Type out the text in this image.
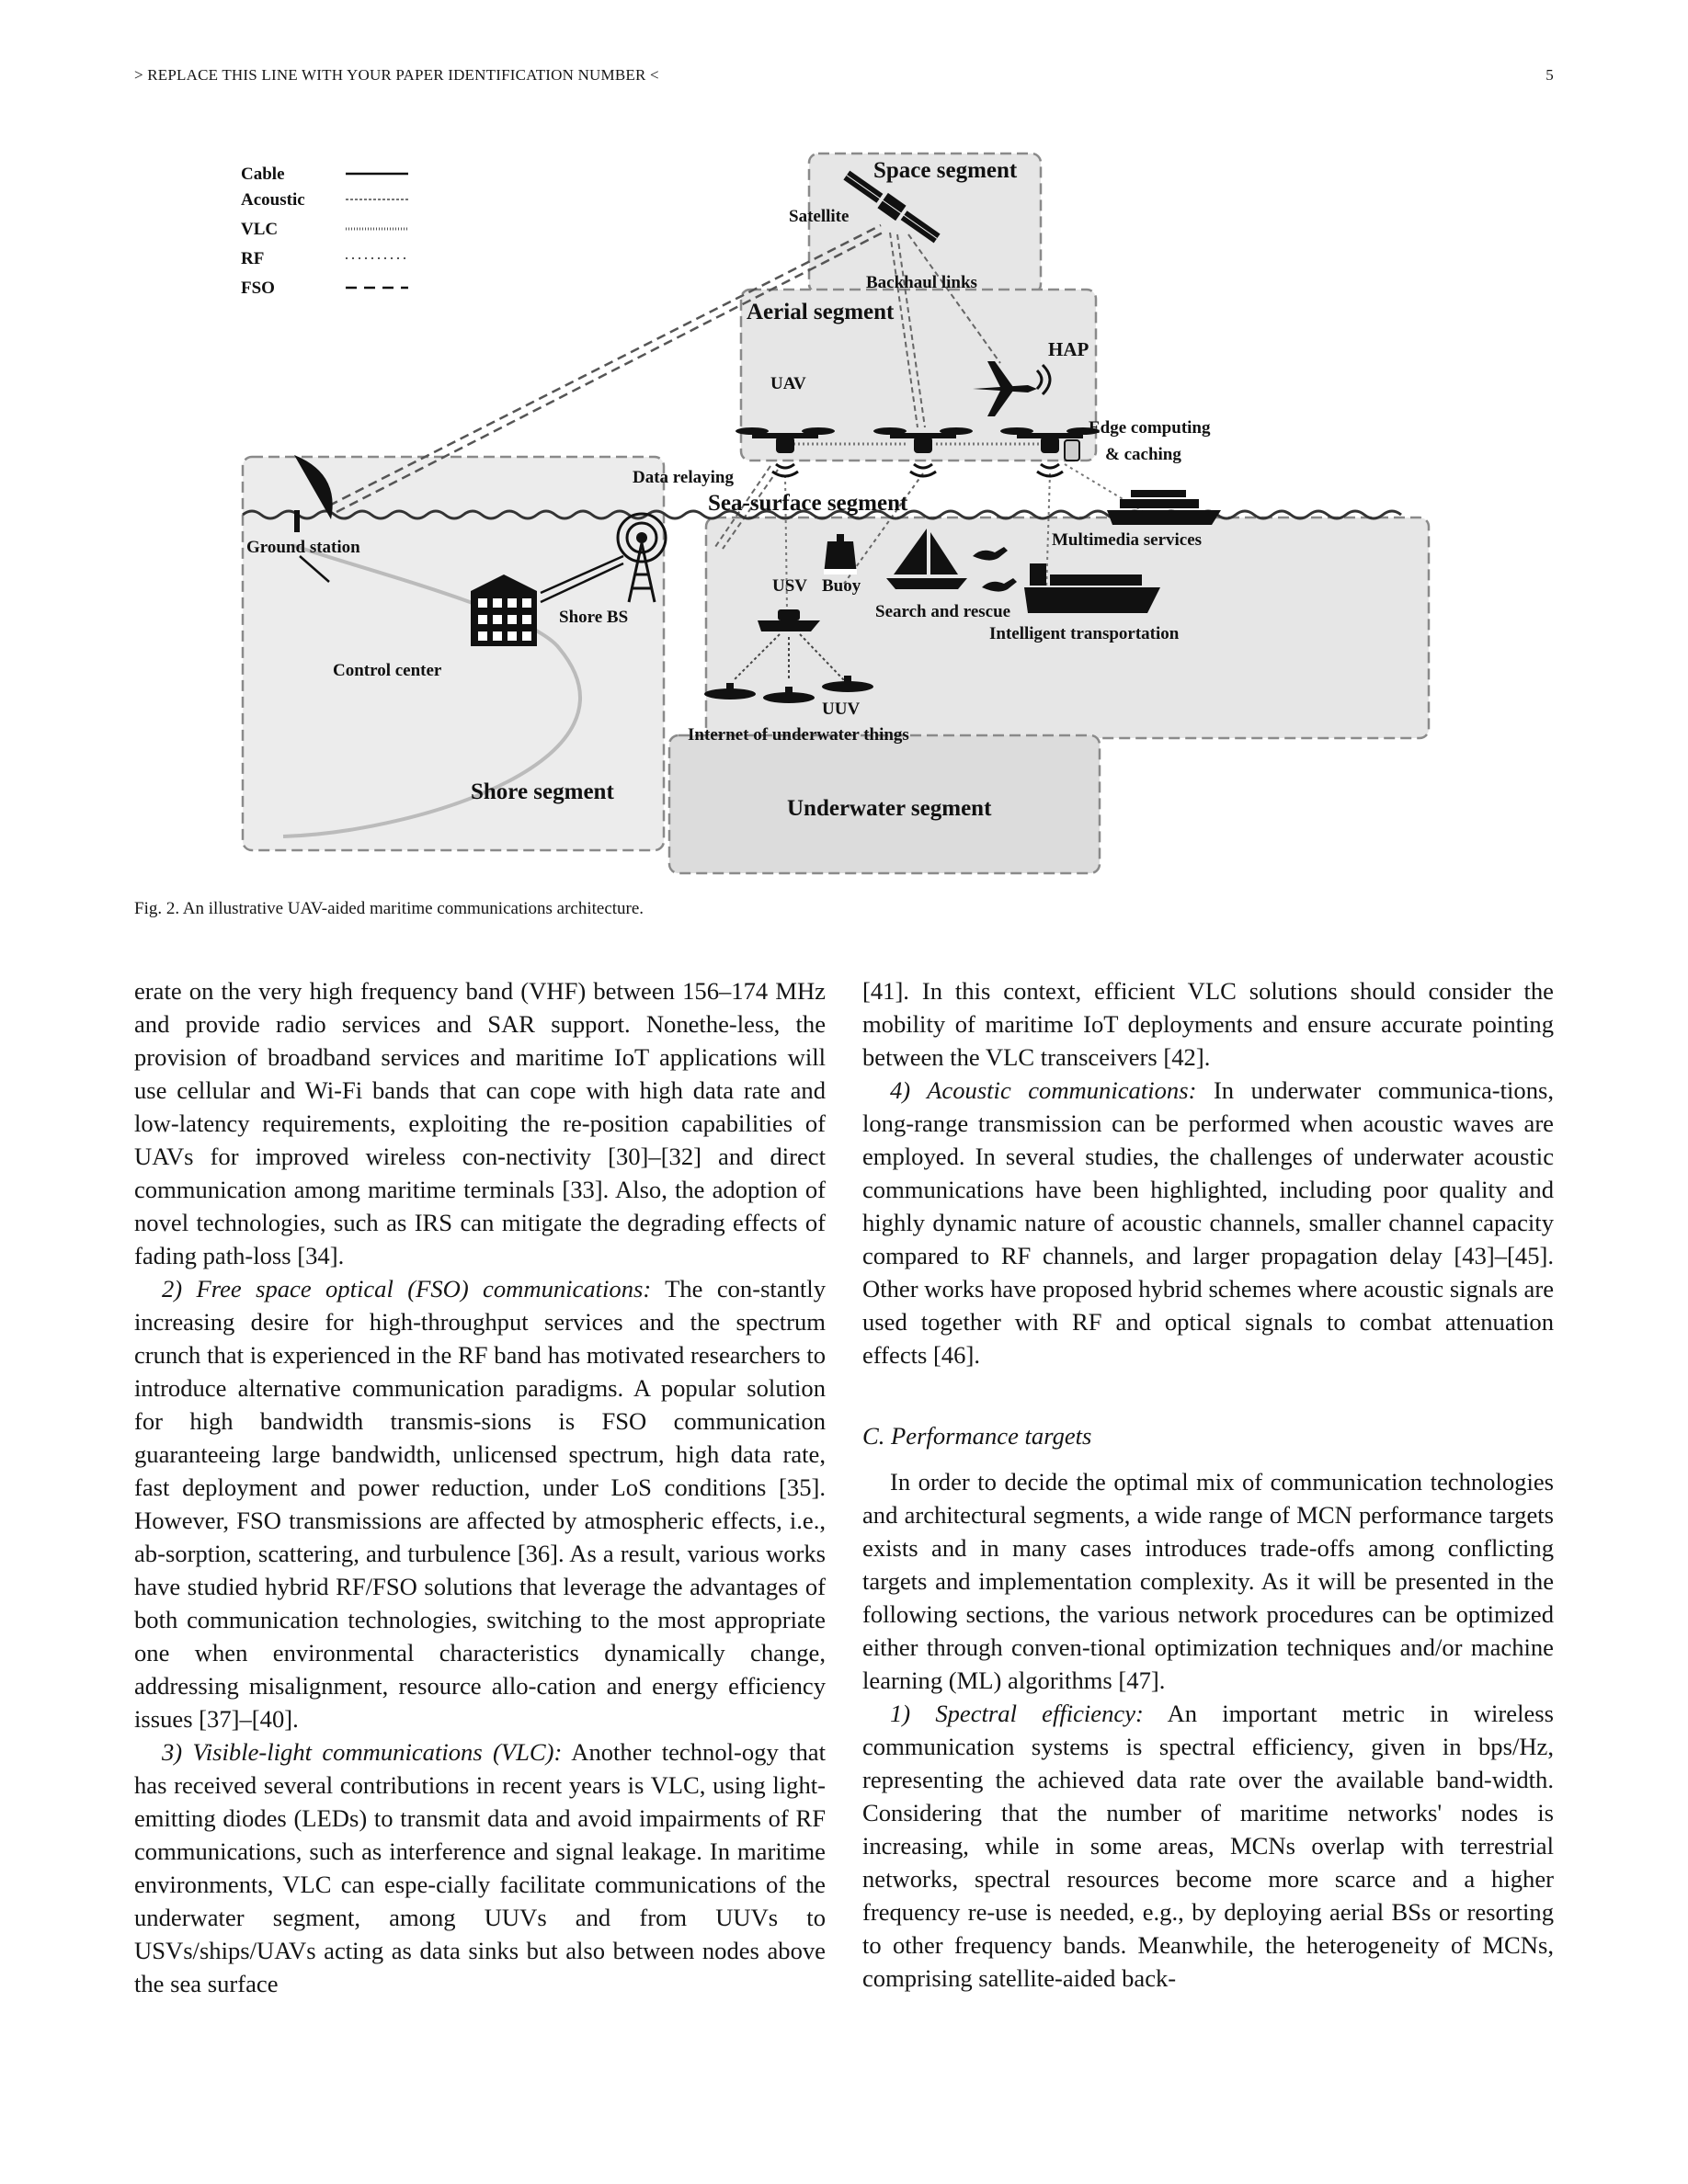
> REPLACE THIS LINE WITH YOUR PAPER IDENTIFICATION NUMBER <	5
Cable
Acoustic
VLC
RF
FSO
Space segment
Satellite
Backhaul links
Aerial segment
HAP
UAV
Edge computing
& caching
Data relaying
Sea-surface segment
Ground station
Shore BS
Control center
Shore segment
USV Buoy
Search and rescue
Multimedia services
Intelligent transportation
UUV
Internet of underwater things
Underwater segment
Fig. 2. An illustrative UAV-aided maritime communications architecture.

erate on the very high frequency band (VHF) between 156–174 MHz and provide radio services and SAR support. Nonethe-less, the provision of broadband services and maritime IoT applications will use cellular and Wi-Fi bands that can cope with high data rate and low-latency requirements, exploiting the re-position capabilities of UAVs for improved wireless con-nectivity [30]–[32] and direct communication among maritime terminals [33]. Also, the adoption of novel technologies, such as IRS can mitigate the degrading effects of fading path-loss [34].

2) Free space optical (FSO) communications: The con-stantly increasing desire for high-throughput services and the spectrum crunch that is experienced in the RF band has motivated researchers to introduce alternative communication paradigms. A popular solution for high bandwidth transmis-sions is FSO communication guaranteeing large bandwidth, unlicensed spectrum, high data rate, fast deployment and power reduction, under LoS conditions [35]. However, FSO transmissions are affected by atmospheric effects, i.e., ab-sorption, scattering, and turbulence [36]. As a result, various works have studied hybrid RF/FSO solutions that leverage the advantages of both communication technologies, switching to the most appropriate one when environmental characteristics dynamically change, addressing misalignment, resource allo-cation and energy efficiency issues [37]–[40].

3) Visible-light communications (VLC): Another technol-ogy that has received several contributions in recent years is VLC, using light-emitting diodes (LEDs) to transmit data and avoid impairments of RF communications, such as interference and signal leakage. In maritime environments, VLC can espe-cially facilitate communications of the underwater segment, among UUVs and from UUVs to USVs/ships/UAVs acting as data sinks but also between nodes above the sea surface

[41]. In this context, efficient VLC solutions should consider the mobility of maritime IoT deployments and ensure accurate pointing between the VLC transceivers [42].

4) Acoustic communications: In underwater communica-tions, long-range transmission can be performed when acoustic waves are employed. In several studies, the challenges of underwater acoustic communications have been highlighted, including poor quality and highly dynamic nature of acoustic channels, smaller channel capacity compared to RF channels, and larger propagation delay [43]–[45]. Other works have proposed hybrid schemes where acoustic signals are used together with RF and optical signals to combat attenuation effects [46].

C. Performance targets

In order to decide the optimal mix of communication technologies and architectural segments, a wide range of MCN performance targets exists and in many cases introduces trade-offs among conflicting targets and implementation complexity. As it will be presented in the following sections, the various network procedures can be optimized either through conven-tional optimization techniques and/or machine learning (ML) algorithms [47].

1) Spectral efficiency: An important metric in wireless communication systems is spectral efficiency, given in bps/Hz, representing the achieved data rate over the available band-width. Considering that the number of maritime networks' nodes is increasing, while in some areas, MCNs overlap with terrestrial networks, spectral resources become more scarce and a higher frequency re-use is needed, e.g., by deploying aerial BSs or resorting to other frequency bands. Meanwhile, the heterogeneity of MCNs, comprising satellite-aided back-
